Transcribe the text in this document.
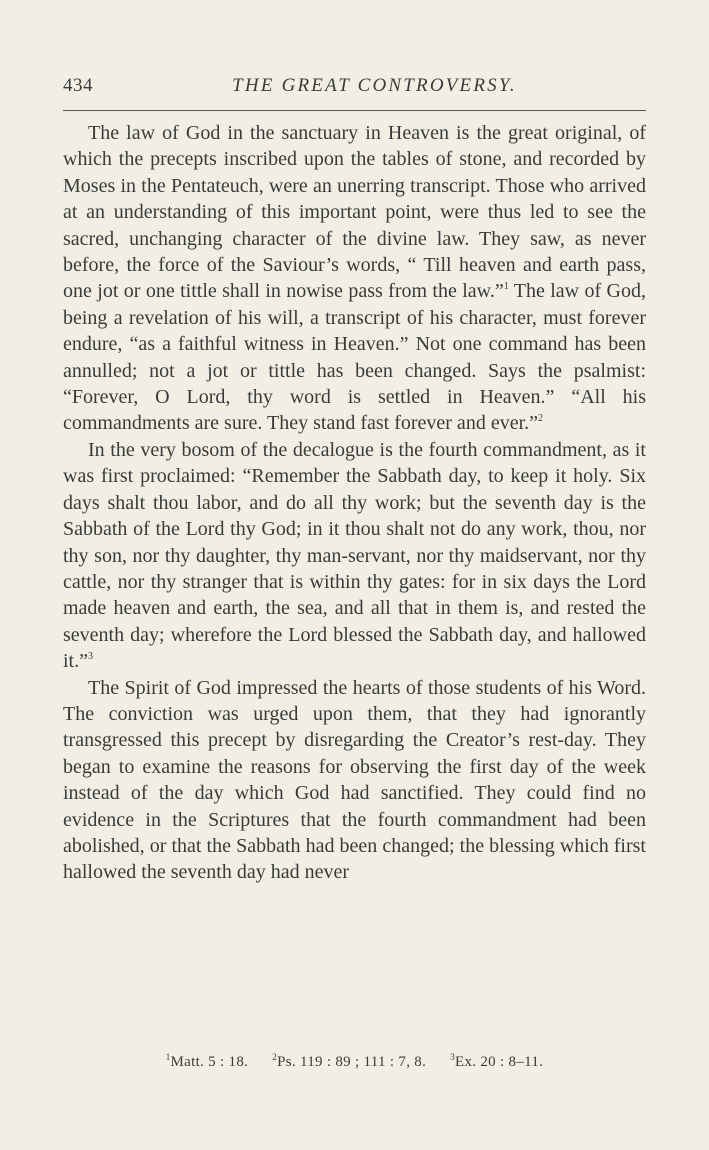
434	THE GREAT CONTROVERSY.

The law of God in the sanctuary in Heaven is the great original, of which the precepts inscribed upon the tables of stone, and recorded by Moses in the Pentateuch, were an unerring transcript. Those who arrived at an understanding of this important point, were thus led to see the sacred, unchanging character of the divine law. They saw, as never before, the force of the Saviour’s words, “ Till heaven and earth pass, one jot or one tittle shall in nowise pass from the law.”$^1$ The law of God, being a revelation of his will, a transcript of his character, must forever endure, “as a faithful witness in Heaven.” Not one command has been annulled; not a jot or tittle has been changed. Says the psalmist: “Forever, O Lord, thy word is settled in Heaven.” “All his commandments are sure. They stand fast forever and ever.”$^2$

In the very bosom of the decalogue is the fourth commandment, as it was first proclaimed: “Remember the Sabbath day, to keep it holy. Six days shalt thou labor, and do all thy work; but the seventh day is the Sabbath of the Lord thy God; in it thou shalt not do any work, thou, nor thy son, nor thy daughter, thy man-servant, nor thy maidservant, nor thy cattle, nor thy stranger that is within thy gates: for in six days the Lord made heaven and earth, the sea, and all that in them is, and rested the seventh day; wherefore the Lord blessed the Sabbath day, and hallowed it.”$^3$

The Spirit of God impressed the hearts of those students of his Word. The conviction was urged upon them, that they had ignorantly transgressed this precept by disregarding the Creator’s rest-day. They began to examine the reasons for observing the first day of the week instead of the day which God had sanctified. They could find no evidence in the Scriptures that the fourth commandment had been abolished, or that the Sabbath had been changed; the blessing which first hallowed the seventh day had never

$^1$Matt. 5 : 18.	$^2$Ps. 119 : 89 ; 111 : 7, 8.	$^3$Ex. 20 : 8–11.
